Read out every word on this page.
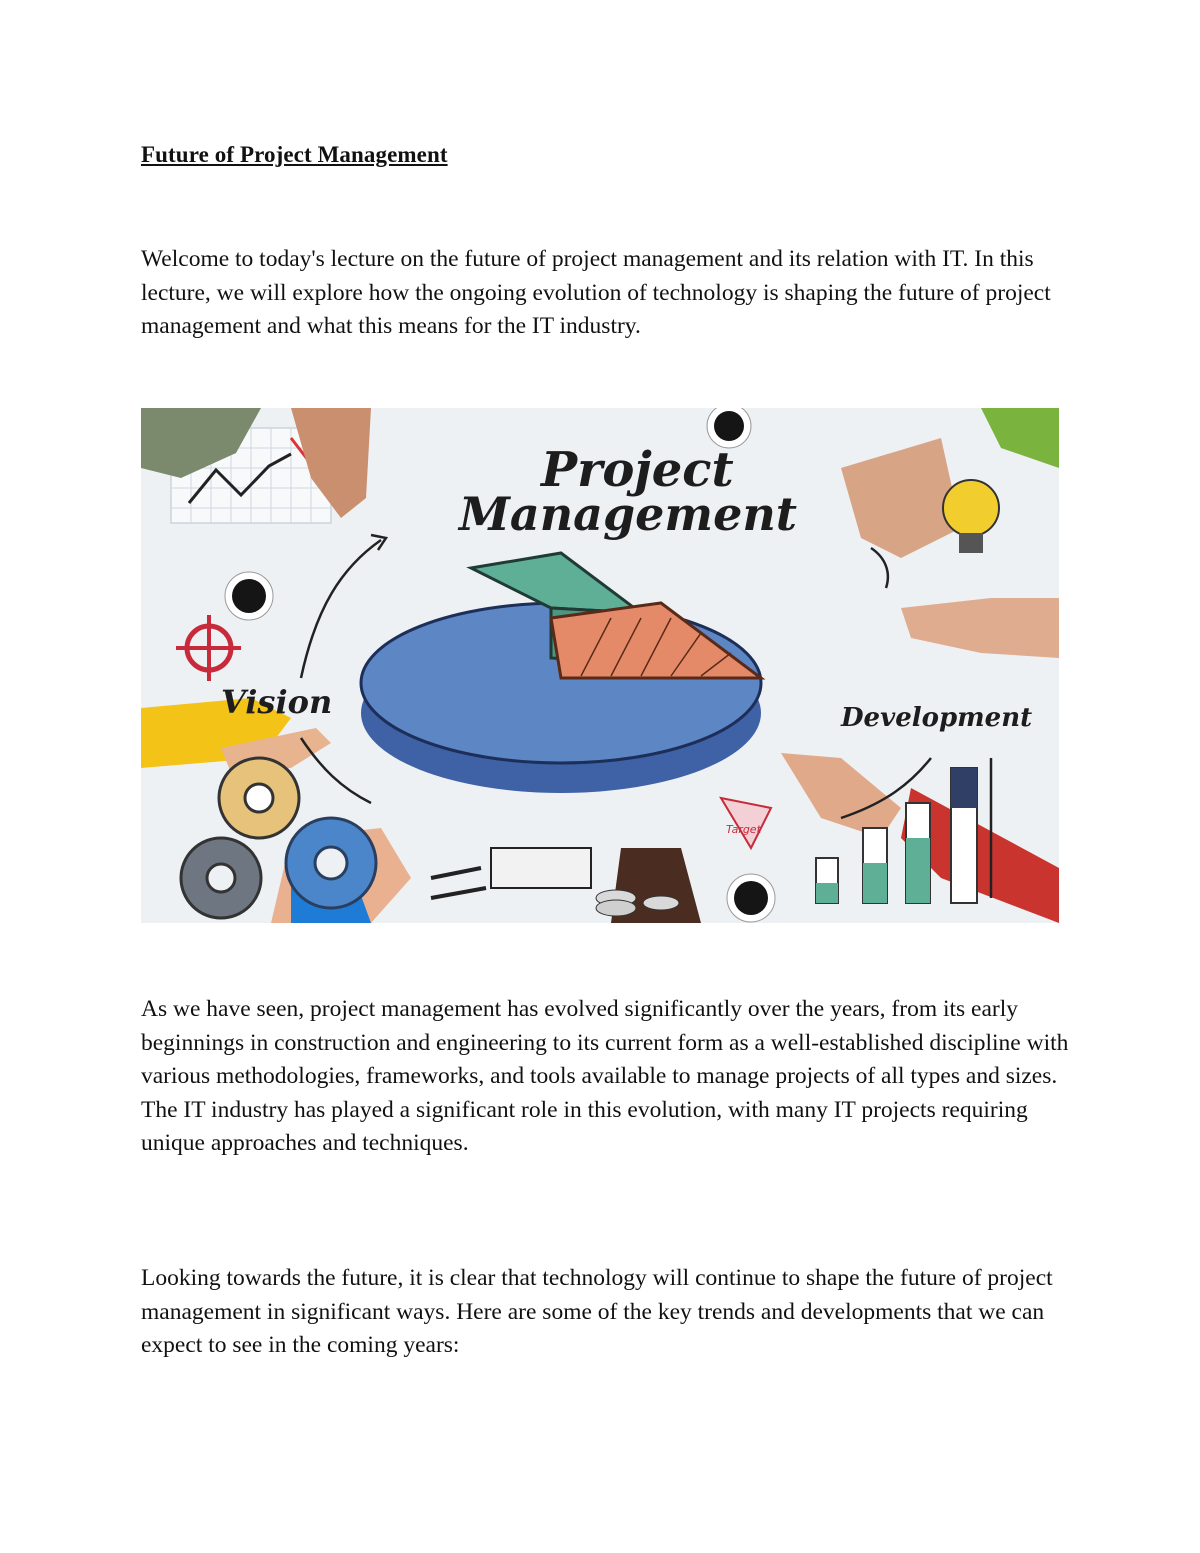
Future of Project Management

Welcome to today's lecture on the future of project management and its relation with IT. In this lecture, we will explore how the ongoing evolution of technology is shaping the future of project management and what this means for the IT industry.

Project
Management
Vision	Development
Target

As we have seen, project management has evolved significantly over the years, from its early beginnings in construction and engineering to its current form as a well-established discipline with various methodologies, frameworks, and tools available to manage projects of all types and sizes. The IT industry has played a significant role in this evolution, with many IT projects requiring unique approaches and techniques.

Looking towards the future, it is clear that technology will continue to shape the future of project management in significant ways. Here are some of the key trends and developments that we can expect to see in the coming years:
